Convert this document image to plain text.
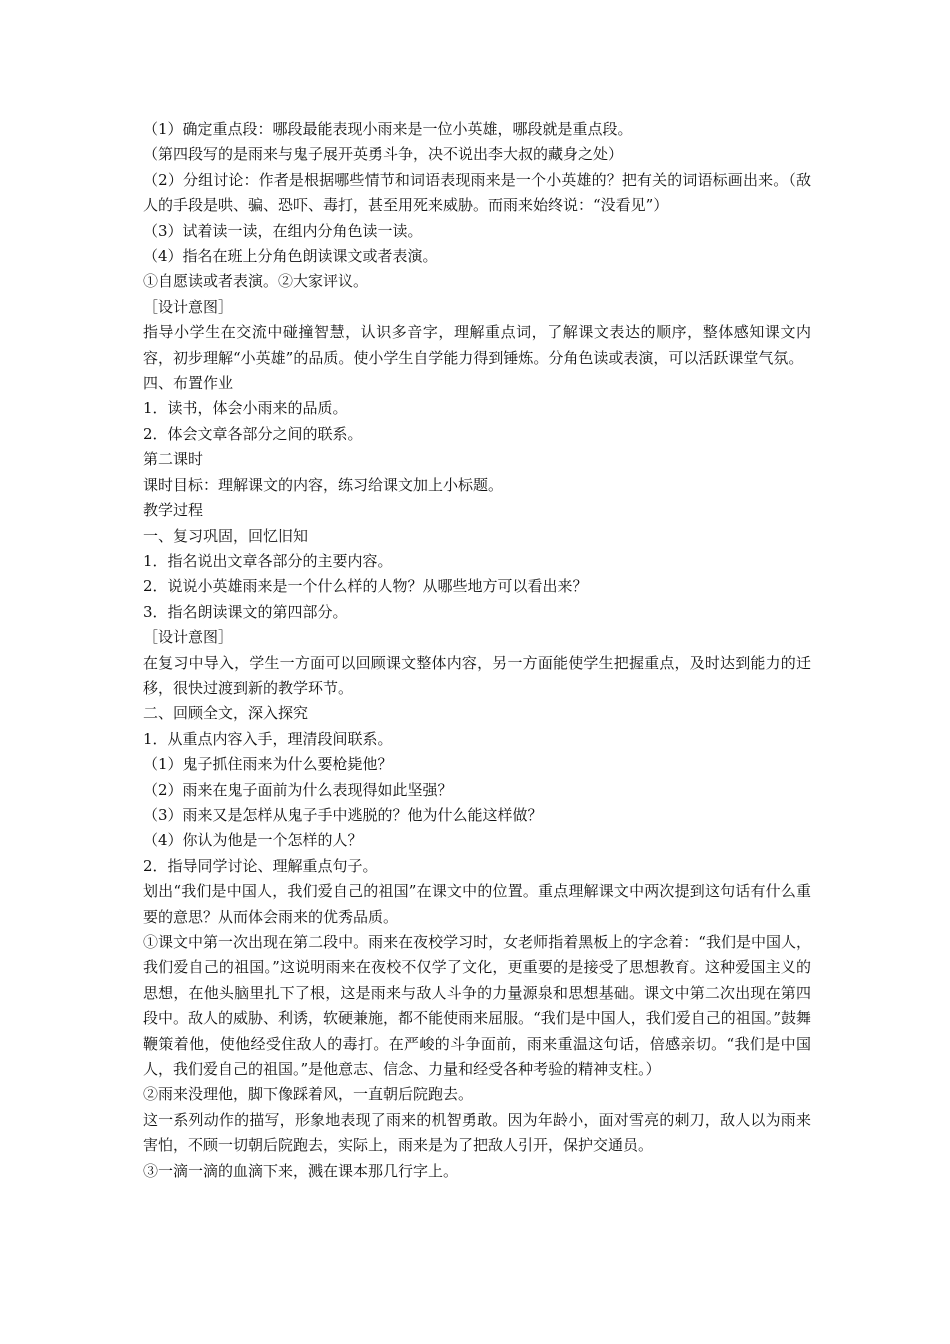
（1）确定重点段：哪段最能表现小雨来是一位小英雄，哪段就是重点段。

（第四段写的是雨来与鬼子展开英勇斗争，决不说出李大叔的藏身之处）

（2）分组讨论：作者是根据哪些情节和词语表现雨来是一个小英雄的？把有关的词语标画出来。（敌人的手段是哄、骗、恐吓、毒打，甚至用死来威胁。而雨来始终说：“没看见”）

（3）试着读一读，在组内分角色读一读。

（4）指名在班上分角色朗读课文或者表演。

①自愿读或者表演。②大家评议。

［设计意图］

指导小学生在交流中碰撞智慧，认识多音字，理解重点词，了解课文表达的顺序，整体感知课文内容，初步理解“小英雄”的品质。使小学生自学能力得到锤炼。分角色读或表演，可以活跃课堂气氛。

四、布置作业

1．读书，体会小雨来的品质。

2．体会文章各部分之间的联系。

第二课时

课时目标：理解课文的内容，练习给课文加上小标题。

教学过程

一、复习巩固，回忆旧知

1．指名说出文章各部分的主要内容。

2．说说小英雄雨来是一个什么样的人物？从哪些地方可以看出来？

3．指名朗读课文的第四部分。

［设计意图］

在复习中导入，学生一方面可以回顾课文整体内容，另一方面能使学生把握重点，及时达到能力的迁移，很快过渡到新的教学环节。

二、回顾全文，深入探究

1．从重点内容入手，理清段间联系。

（1）鬼子抓住雨来为什么要枪毙他？

（2）雨来在鬼子面前为什么表现得如此坚强？

（3）雨来又是怎样从鬼子手中逃脱的？他为什么能这样做？

（4）你认为他是一个怎样的人？

2．指导同学讨论、理解重点句子。

划出“我们是中国人，我们爱自己的祖国”在课文中的位置。重点理解课文中两次提到这句话有什么重要的意思？从而体会雨来的优秀品质。

①课文中第一次出现在第二段中。雨来在夜校学习时，女老师指着黑板上的字念着：“我们是中国人，我们爱自己的祖国。”这说明雨来在夜校不仅学了文化，更重要的是接受了思想教育。这种爱国主义的思想，在他头脑里扎下了根，这是雨来与敌人斗争的力量源泉和思想基础。课文中第二次出现在第四段中。敌人的威胁、利诱，软硬兼施，都不能使雨来屈服。“我们是中国人，我们爱自己的祖国。”鼓舞鞭策着他，使他经受住敌人的毒打。在严峻的斗争面前，雨来重温这句话，倍感亲切。“我们是中国人，我们爱自己的祖国。”是他意志、信念、力量和经受各种考验的精神支柱。）

②雨来没理他，脚下像踩着风，一直朝后院跑去。

这一系列动作的描写，形象地表现了雨来的机智勇敢。因为年龄小，面对雪亮的刺刀，敌人以为雨来害怕，不顾一切朝后院跑去，实际上，雨来是为了把敌人引开，保护交通员。

③一滴一滴的血滴下来，溅在课本那几行字上。
